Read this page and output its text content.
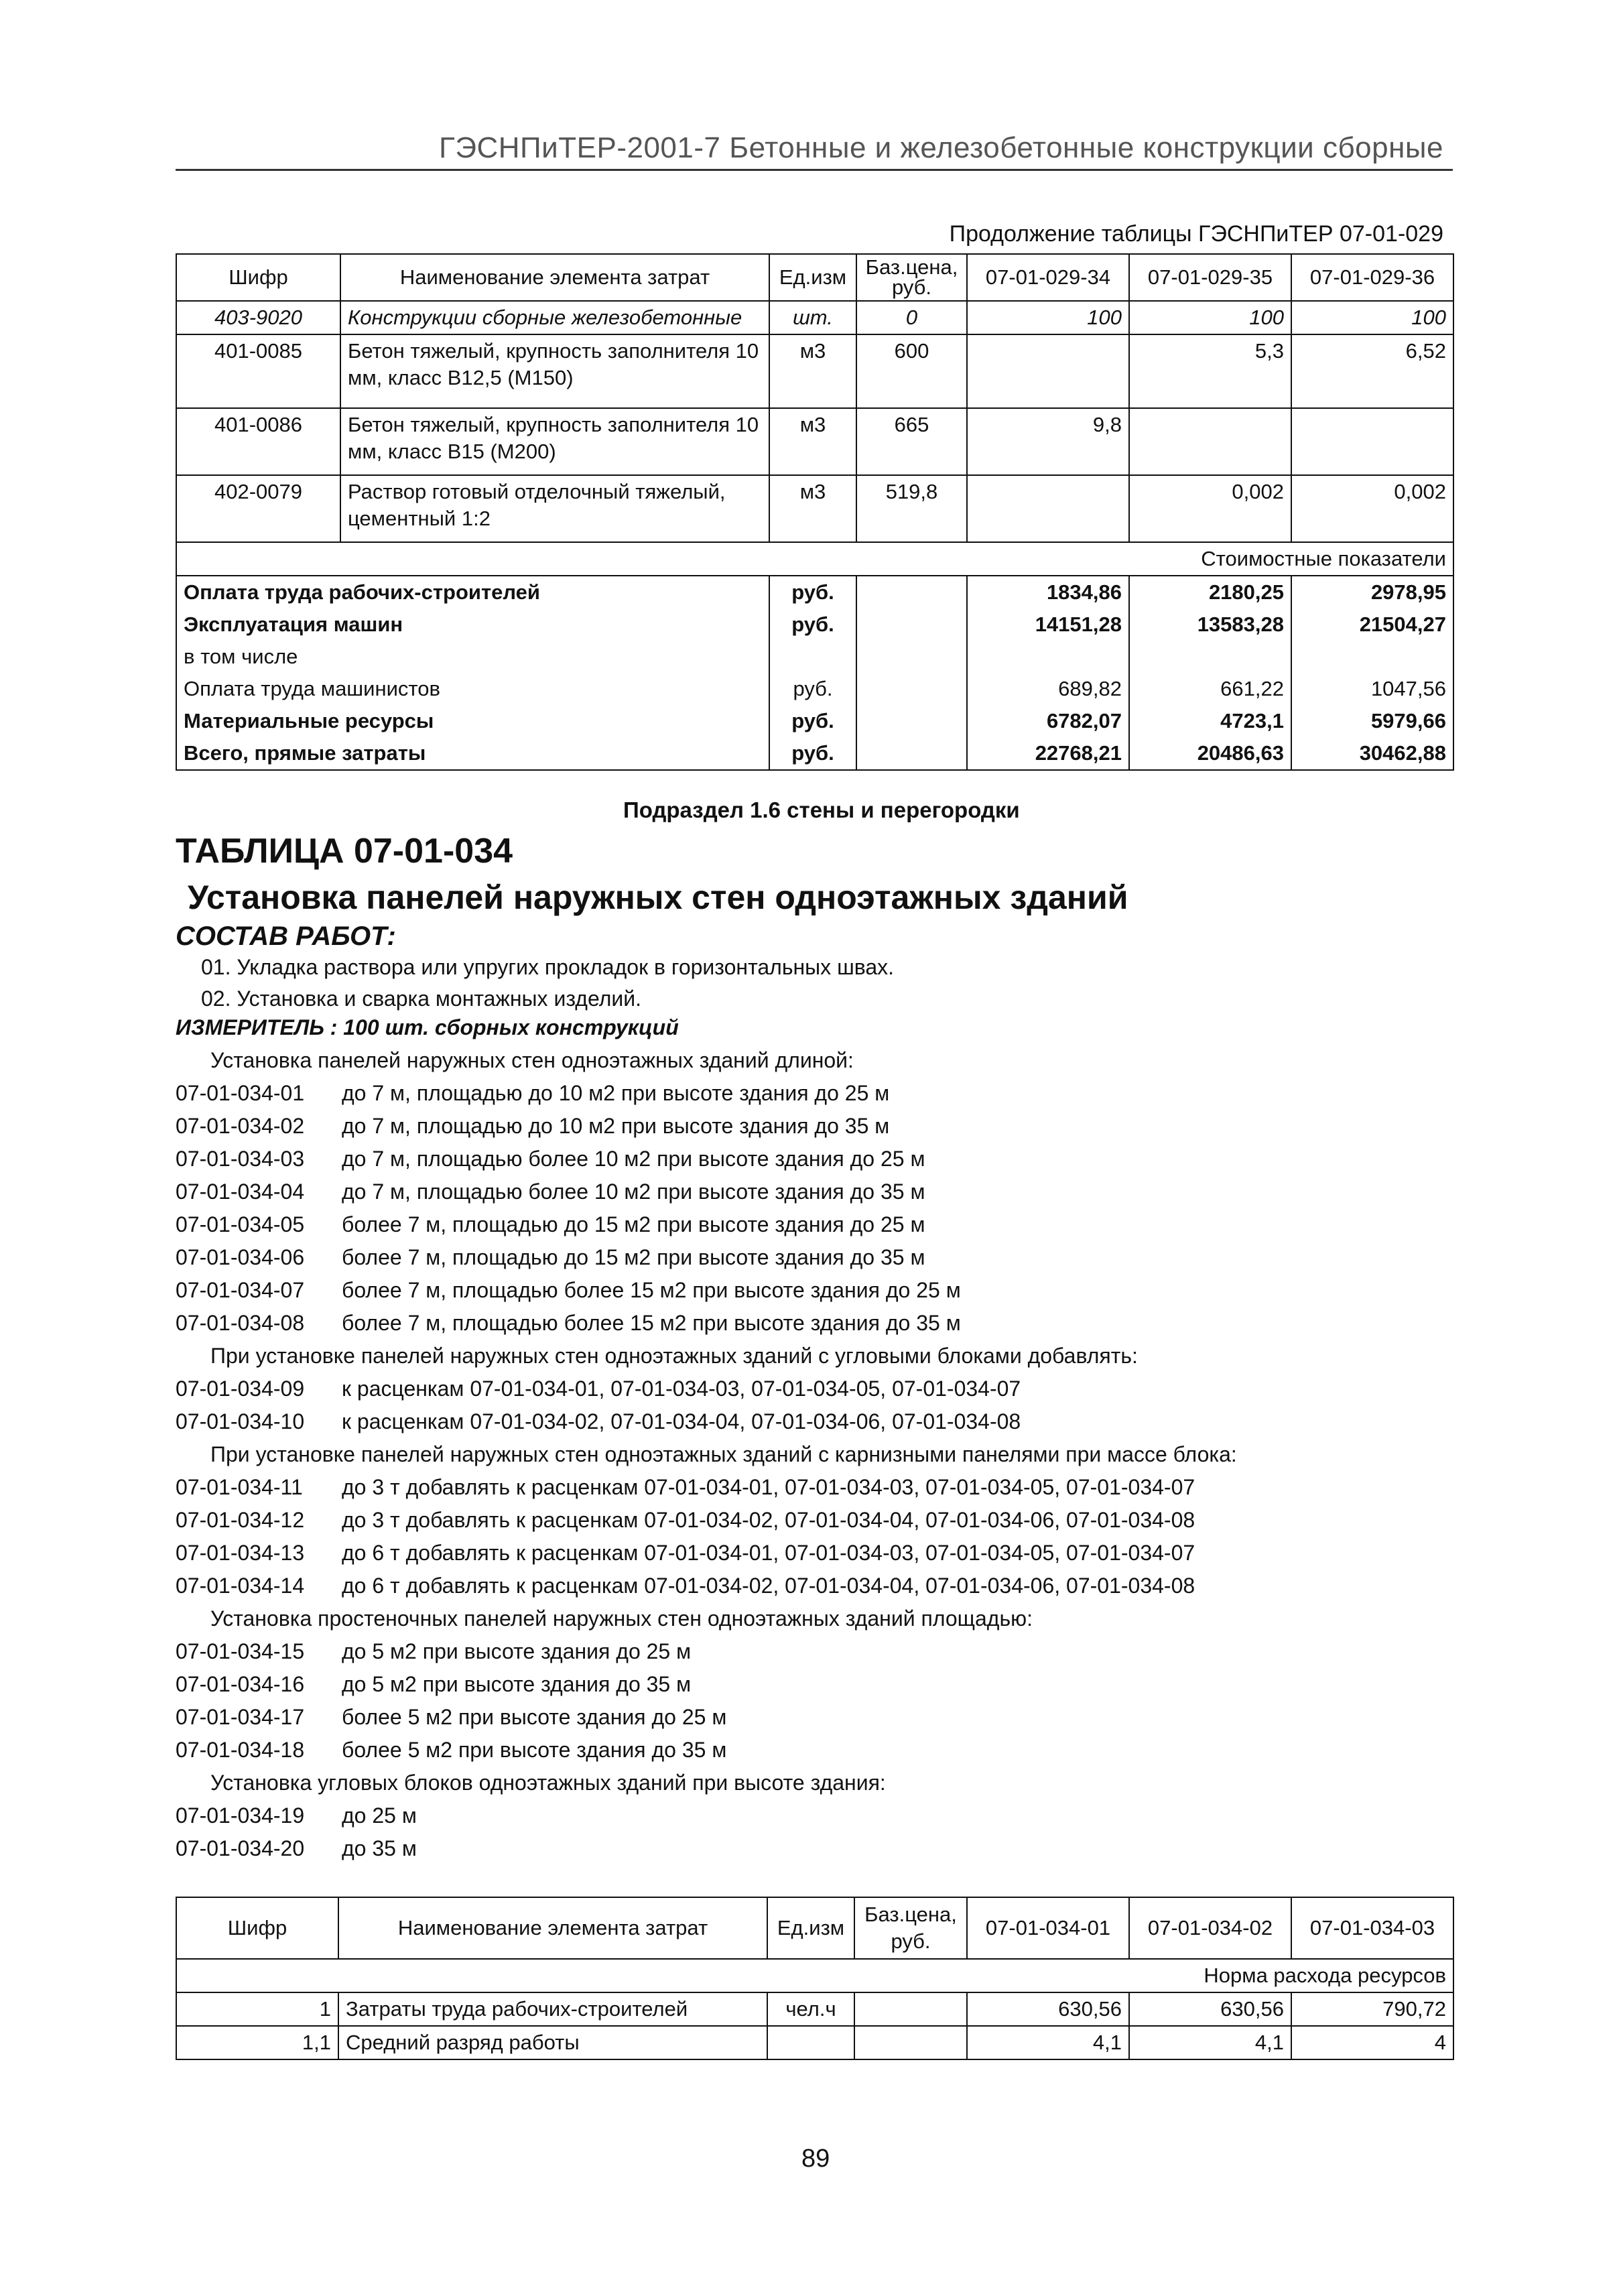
ГЭСНПиТЕР-2001-7 Бетонные и железобетонные конструкции сборные
Продолжение таблицы ГЭСНПиТЕР 07-01-029
Шифр	Наименование элемента затрат	Ед.изм	Баз.цена, руб.	07-01-029-34	07-01-029-35	07-01-029-36
403-9020	Конструкции сборные железобетонные	шт.	0	100	100	100
401-0085	Бетон тяжелый, крупность заполнителя 10 мм, класс В12,5 (М150)	м3	600		5,3	6,52
401-0086	Бетон тяжелый, крупность заполнителя 10 мм, класс В15 (М200)	м3	665	9,8		
402-0079	Раствор готовый отделочный тяжелый, цементный 1:2	м3	519,8		0,002	0,002
Стоимостные показатели						
Оплата труда рабочих-строителей		руб.		1834,86	2180,25	2978,95
Эксплуатация машин		руб.		14151,28	13583,28	21504,27
в том числе						
Оплата труда машинистов		руб.		689,82	661,22	1047,56
Материальные ресурсы		руб.		6782,07	4723,1	5979,66
Всего, прямые затраты		руб.		22768,21	20486,63	30462,88
Подраздел 1.6 стены и перегородки
ТАБЛИЦА 07-01-034
Установка панелей наружных стен одноэтажных зданий
СОСТАВ РАБОТ:
01. Укладка раствора или упругих прокладок в горизонтальных швах.
02. Установка и сварка монтажных изделий.
ИЗМЕРИТЕЛЬ : 100 шт. сборных конструкций
Установка панелей наружных стен одноэтажных зданий длиной:
07-01-034-01 до 7 м, площадью до 10 м2 при высоте здания до 25 м
07-01-034-02 до 7 м, площадью до 10 м2 при высоте здания до 35 м
07-01-034-03 до 7 м, площадью более 10 м2 при высоте здания до 25 м
07-01-034-04 до 7 м, площадью более 10 м2 при высоте здания до 35 м
07-01-034-05 более 7 м, площадью до 15 м2 при высоте здания до 25 м
07-01-034-06 более 7 м, площадью до 15 м2 при высоте здания до 35 м
07-01-034-07 более 7 м, площадью более 15 м2 при высоте здания до 25 м
07-01-034-08 более 7 м, площадью более 15 м2 при высоте здания до 35 м
При установке панелей наружных стен одноэтажных зданий с угловыми блоками добавлять:
07-01-034-09 к расценкам 07-01-034-01, 07-01-034-03, 07-01-034-05, 07-01-034-07
07-01-034-10 к расценкам 07-01-034-02, 07-01-034-04, 07-01-034-06, 07-01-034-08
При установке панелей наружных стен одноэтажных зданий с карнизными панелями при массе блока:
07-01-034-11 до 3 т добавлять к расценкам 07-01-034-01, 07-01-034-03, 07-01-034-05, 07-01-034-07
07-01-034-12 до 3 т добавлять к расценкам 07-01-034-02, 07-01-034-04, 07-01-034-06, 07-01-034-08
07-01-034-13 до 6 т добавлять к расценкам 07-01-034-01, 07-01-034-03, 07-01-034-05, 07-01-034-07
07-01-034-14 до 6 т добавлять к расценкам 07-01-034-02, 07-01-034-04, 07-01-034-06, 07-01-034-08
Установка простеночных панелей наружных стен одноэтажных зданий площадью:
07-01-034-15 до 5 м2 при высоте здания до 25 м
07-01-034-16 до 5 м2 при высоте здания до 35 м
07-01-034-17 более 5 м2 при высоте здания до 25 м
07-01-034-18 более 5 м2 при высоте здания до 35 м
Установка угловых блоков одноэтажных зданий при высоте здания:
07-01-034-19 до 25 м
07-01-034-20 до 35 м
Шифр	Наименование элемента затрат	Ед.изм	Баз.цена, руб.	07-01-034-01	07-01-034-02	07-01-034-03
Норма расхода ресурсов						
1	Затраты труда рабочих-строителей	чел.ч		630,56	630,56	790,72
1,1	Средний разряд работы			4,1	4,1	4
89
